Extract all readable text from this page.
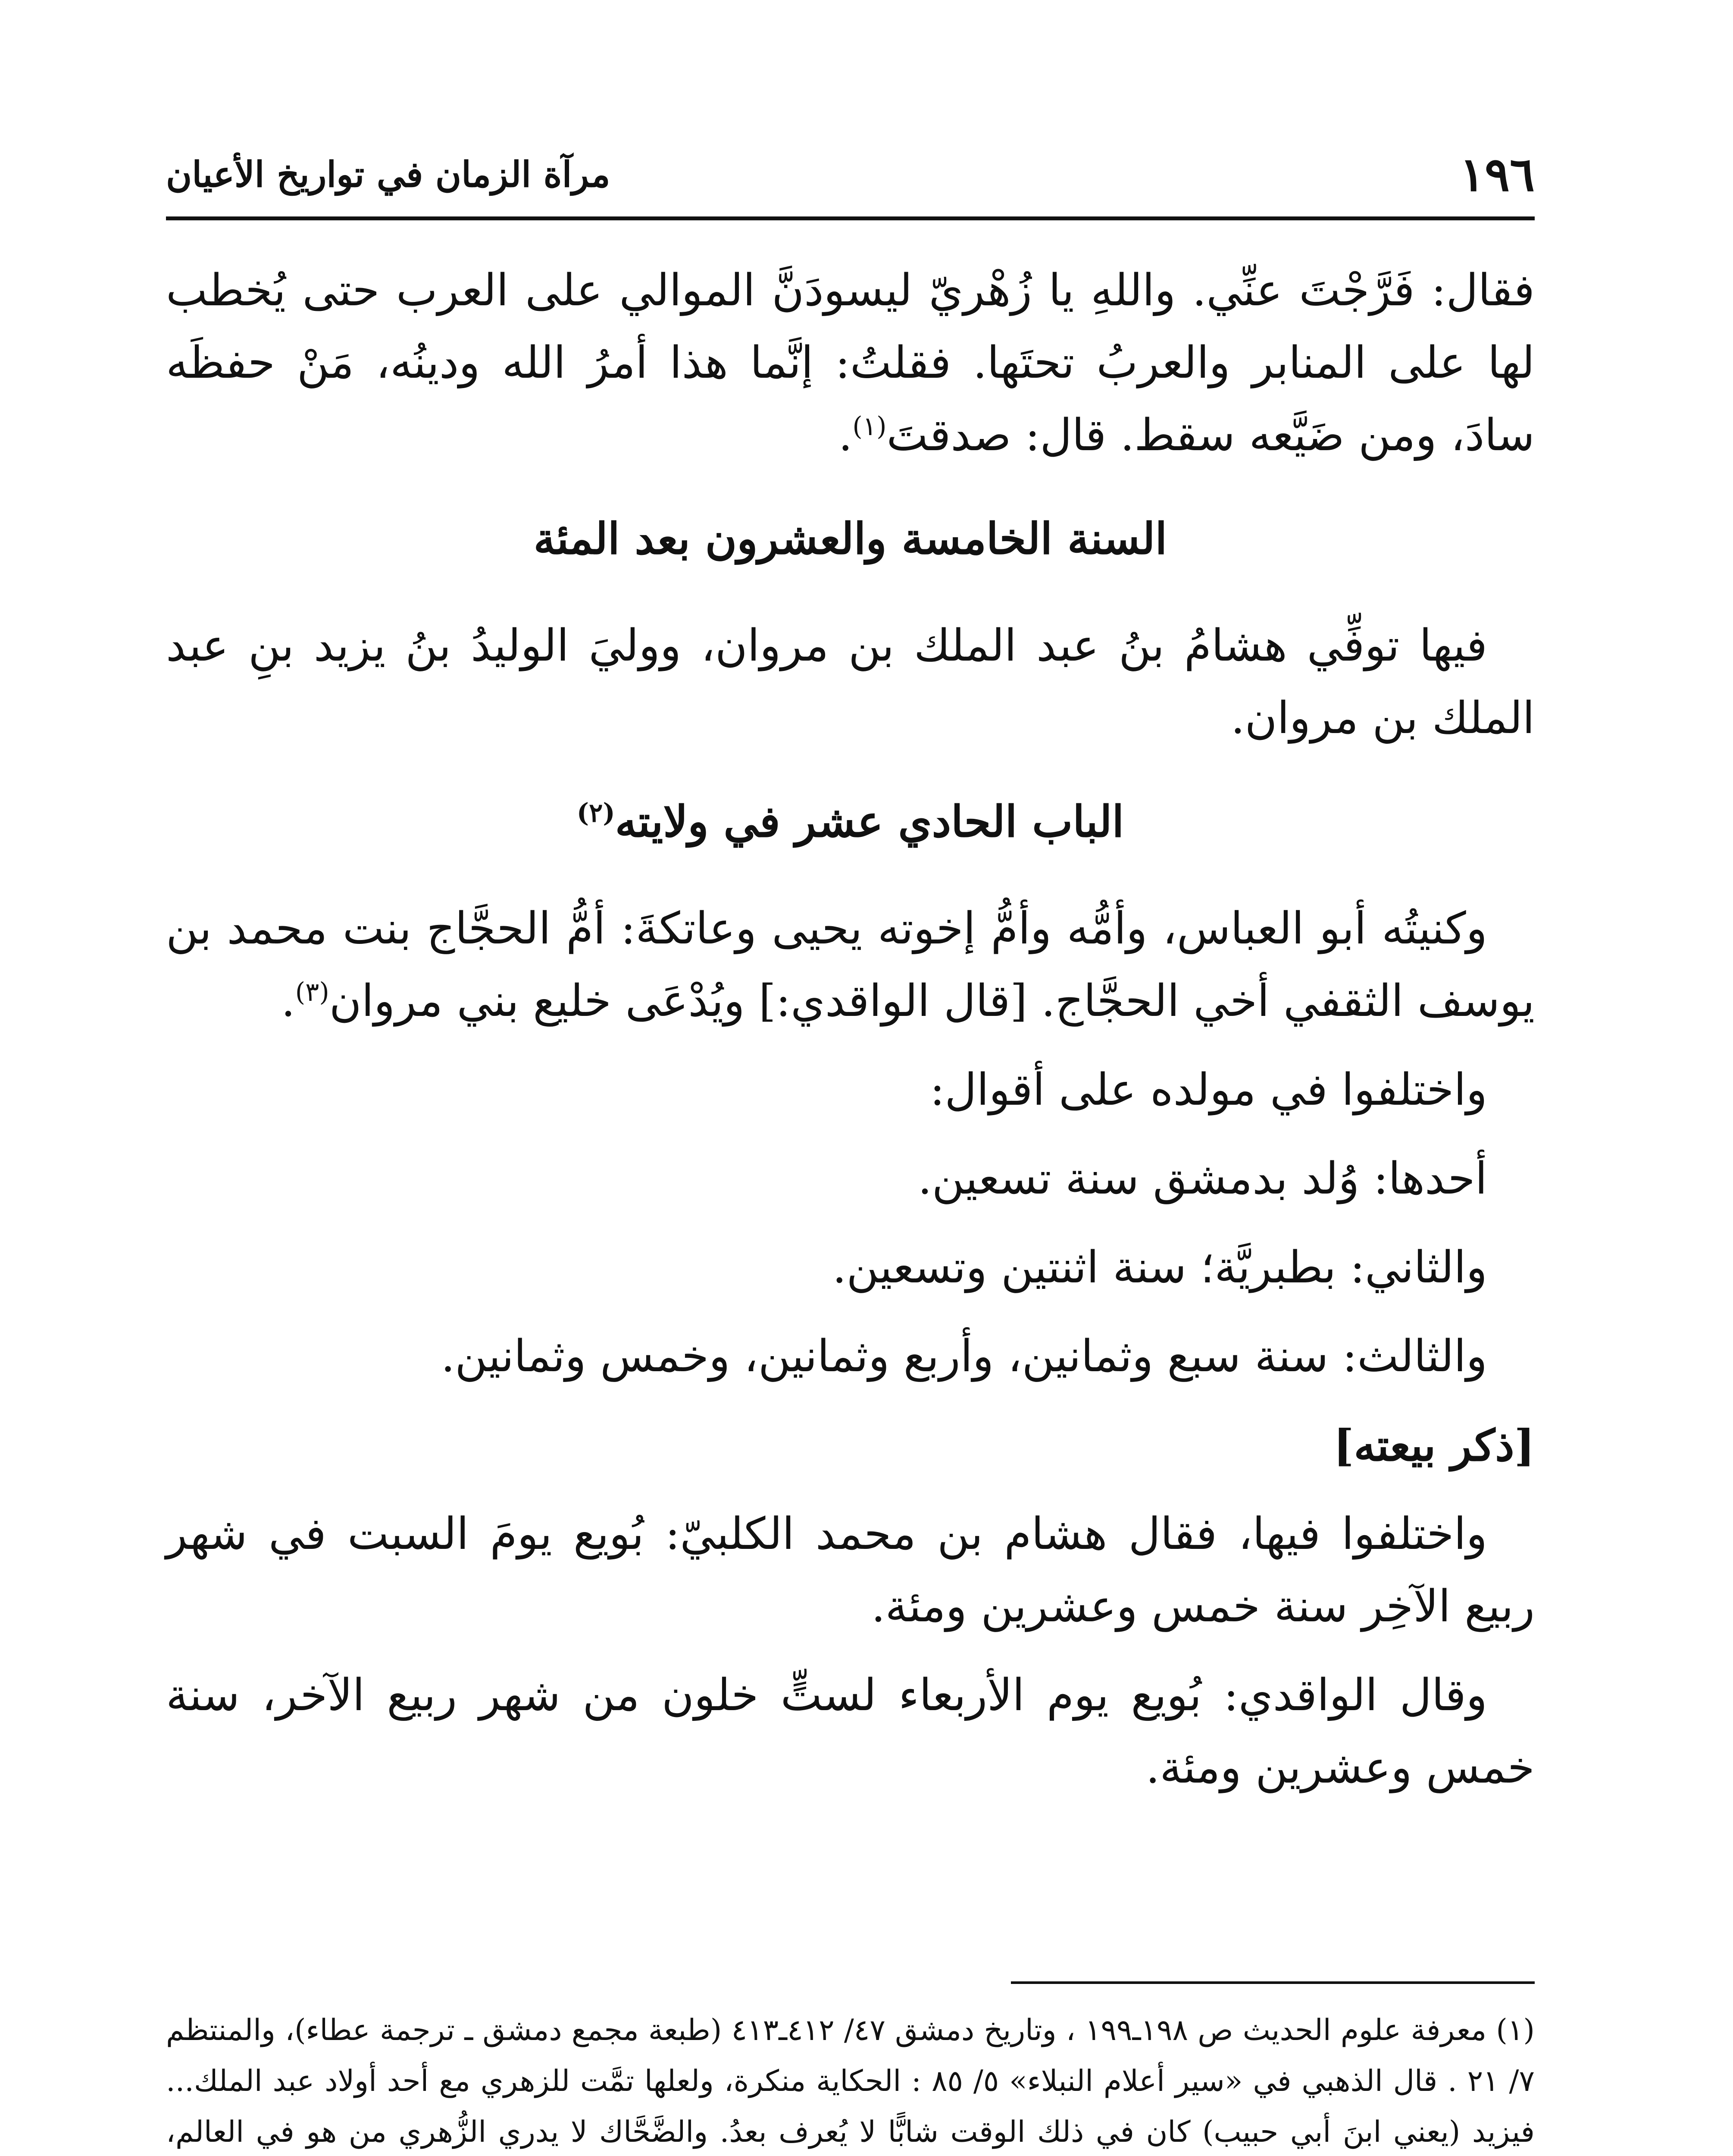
١٩٦
مرآة الزمان في تواريخ الأعيان

فقال: فَرَّجْتَ عنِّي. واللهِ يا زُهْريّ ليسودَنَّ الموالي على العرب حتى يُخطب لها على المنابر والعربُ تحتَها. فقلتُ: إنَّما هذا أمرُ الله ودينُه، مَنْ حفظَه سادَ، ومن ضَيَّعه سقط. قال: صدقتَ$^{(١)}$.

السنة الخامسة والعشرون بعد المئة

فيها توفِّي هشامُ بنُ عبد الملك بن مروان، ووليَ الوليدُ بنُ يزيد بنِ عبد الملك بن مروان.

الباب الحادي عشر في ولايته$^{(٢)}$

وكنيتُه أبو العباس، وأمُّه وأمُّ إخوته يحيى وعاتكةَ: أمُّ الحجَّاج بنت محمد بن يوسف الثقفي أخي الحجَّاج. [قال الواقدي:] ويُدْعَى خليع بني مروان$^{(٣)}$.

واختلفوا في مولده على أقوال:

أحدها: وُلد بدمشق سنة تسعين.

والثاني: بطبريَّة؛ سنة اثنتين وتسعين.

والثالث: سنة سبع وثمانين، وأربع وثمانين، وخمس وثمانين.

[ذكر بيعته]

واختلفوا فيها، فقال هشام بن محمد الكلبيّ: بُويع يومَ السبت في شهر ربيع الآخِر سنة خمس وعشرين ومئة.

وقال الواقدي: بُويع يوم الأربعاء لستٍّ خلون من شهر ربيع الآخر، سنة خمس وعشرين ومئة.

(١) معرفة علوم الحديث ص ١٩٨ـ١٩٩ ، وتاريخ دمشق ٤٧/ ٤١٢ـ٤١٣ (طبعة مجمع دمشق ـ ترجمة عطاء)، والمنتظم ٧/ ٢١ . قال الذهبي في «سير أعلام النبلاء» ٥/ ٨٥ : الحكاية منكرة، ولعلها تمَّت للزهري مع أحد أولاد عبد الملك... فيزيد (يعني ابنَ أبي حبيب) كان في ذلك الوقت شابًّا لا يُعرف بعدُ. والضَّحَّاك لا يدري الزُّهري من هو في العالم،
